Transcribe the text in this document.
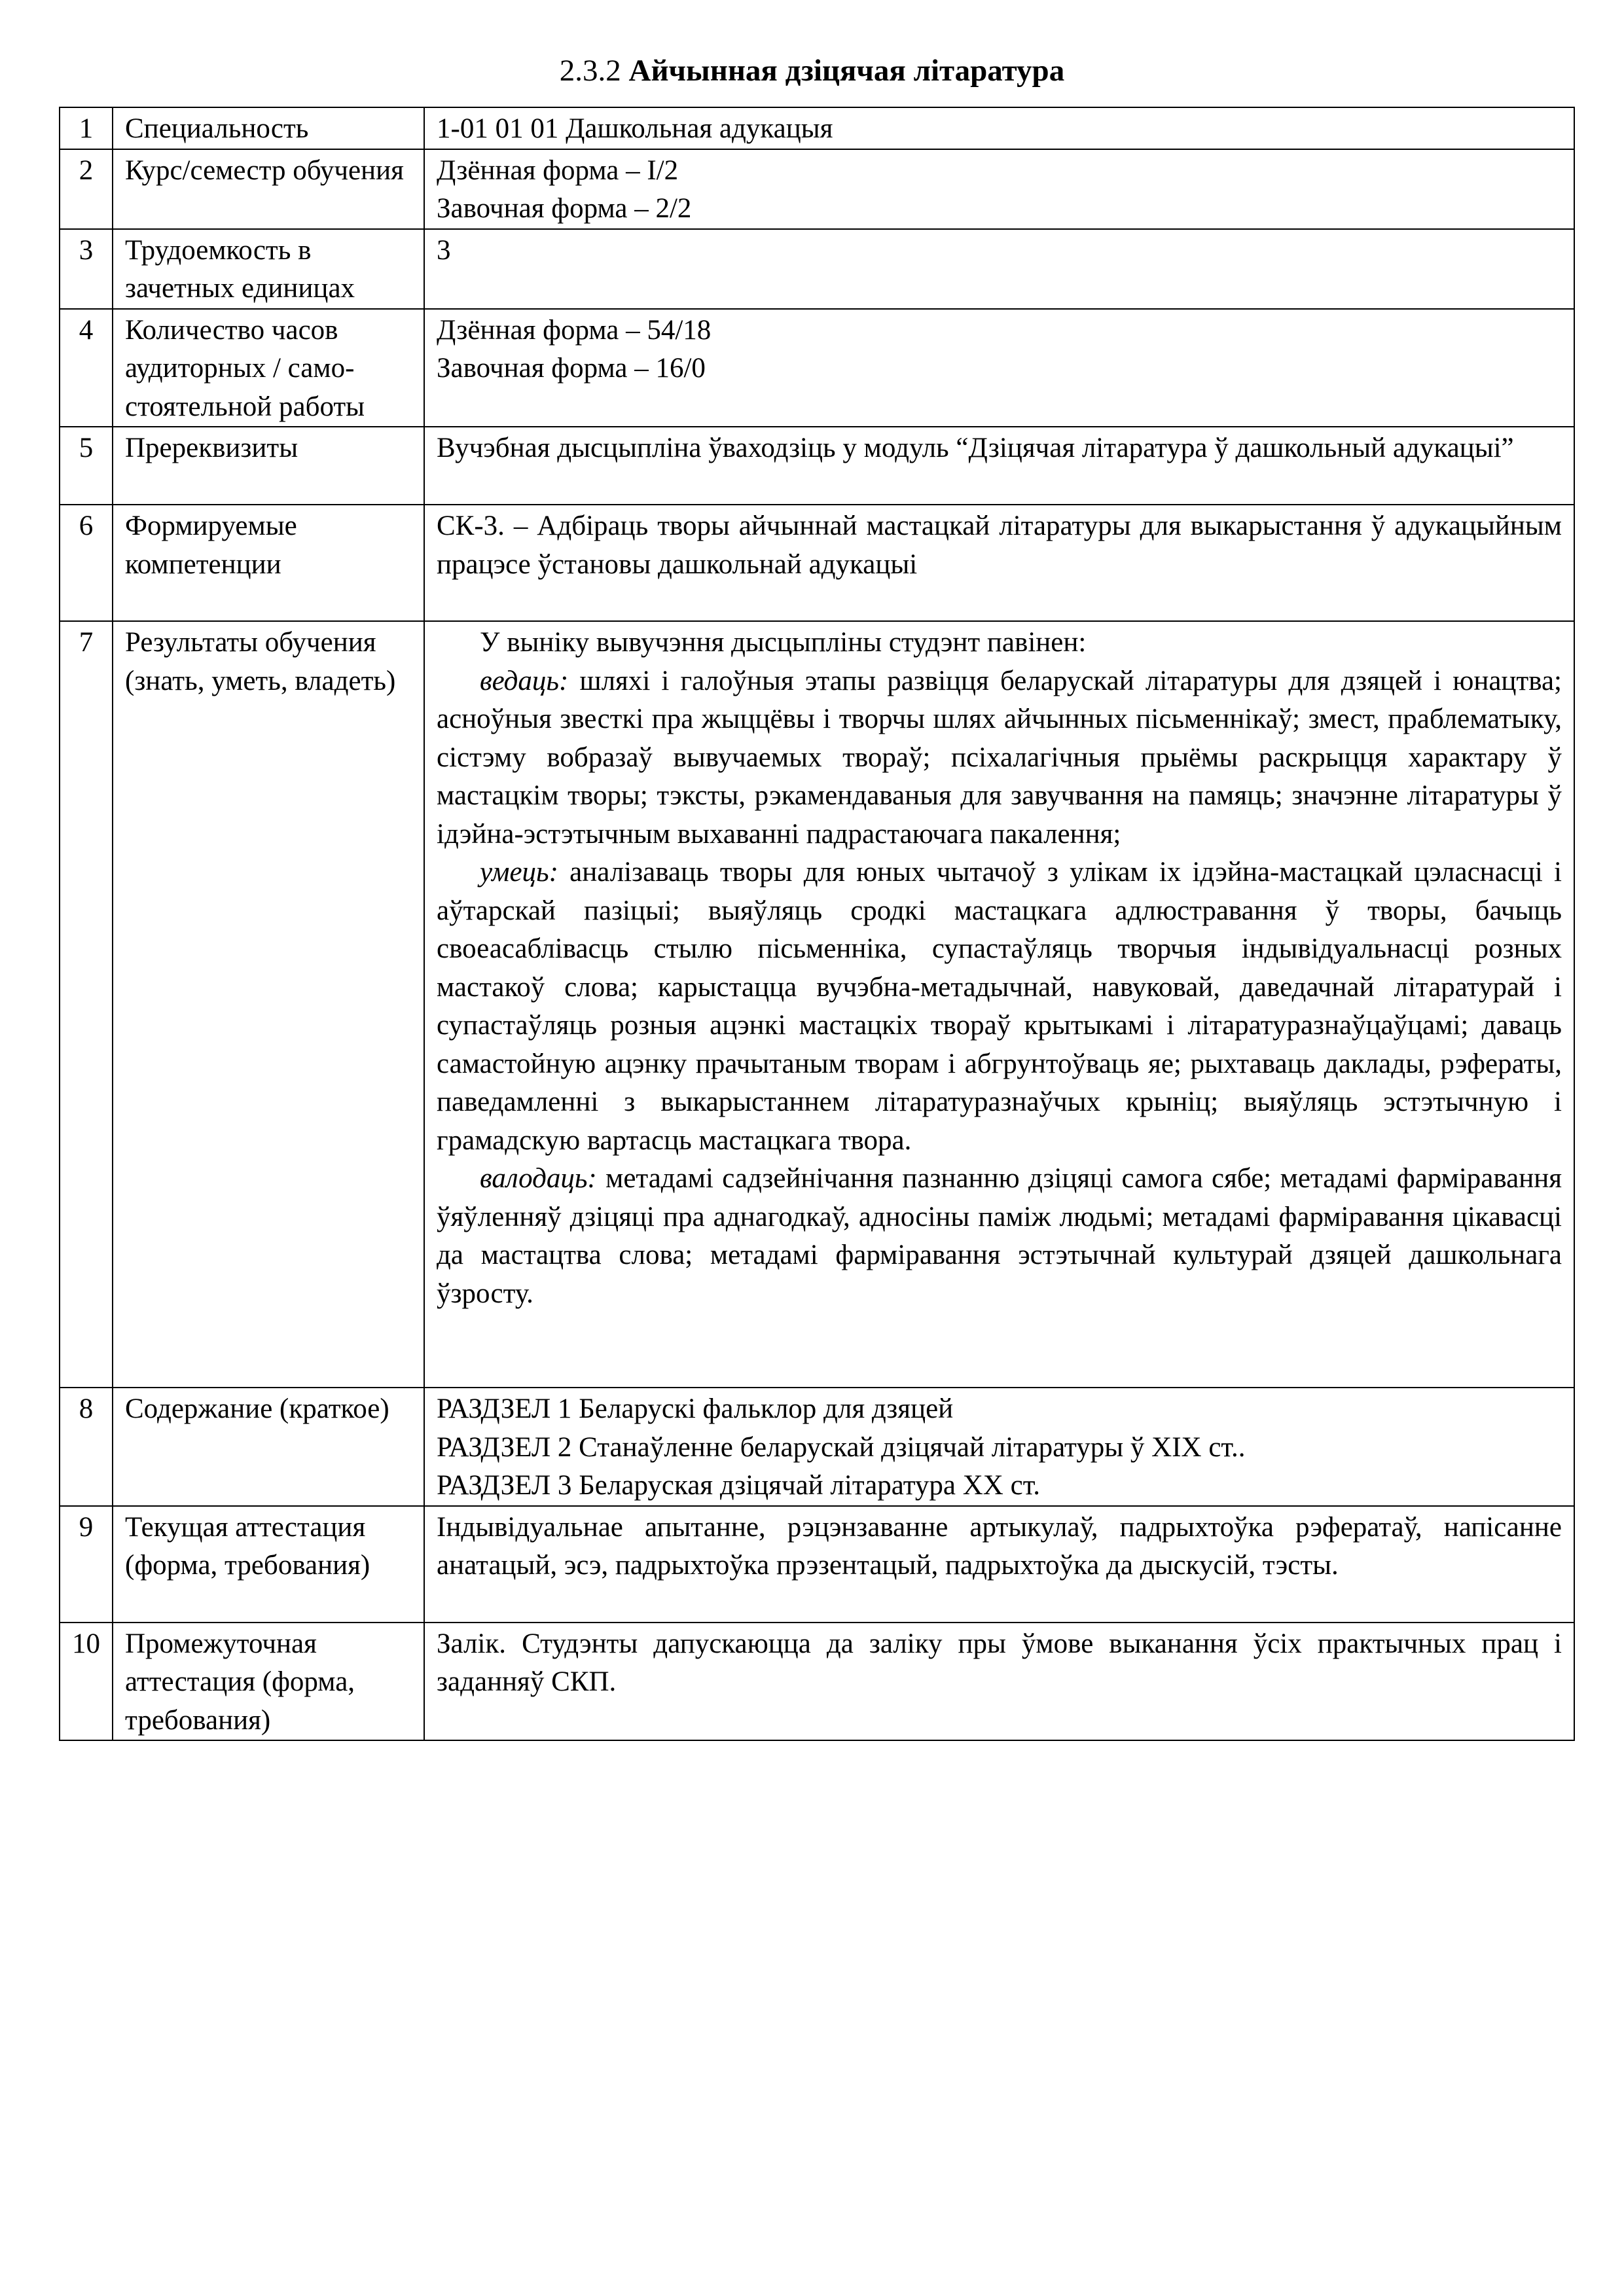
2.3.2 Айчынная дзіцячая літаратура
1	Специальность	1-01 01 01 Дашкольная адукацыя

2	Курс/семестр обучения	Дзённая форма – I/2
Завочная форма – 2/2

3	Трудоемкость в зачетных единицах	3

4	Количество часов аудиторных / само-стоятельной работы	Дзённая форма – 54/18
Завочная форма – 16/0

5	Пререквизиты	Вучэбная дысцыпліна ўваходзіць у модуль “Дзіцячая літаратура ў дашкольный адукацыі”
6	Формируемые компетенции	СК-3. – Адбіраць творы айчыннай мастацкай літаратуры для выкарыстання ў адукацыйным працэсе ўстановы дашкольнай адукацыі
7	Результаты обучения (знать, уметь, владеть)	У выніку вывучэння дысцыпліны студэнт павінен:
ведаць: шляхі і галоўныя этапы развіцця беларускай літаратуры для дзяцей і юнацтва; асноўныя звесткі пра жыццёвы і творчы шлях айчынных пісьменнікаў; змест, праблематыку, сістэму вобразаў вывучаемых твораў; псіхалагічныя прыёмы раскрыцця характару ў мастацкім творы; тэксты, рэкамендаваныя для завучвання на памяць; значэнне літаратуры ў ідэйна-эстэтычным выхаванні падрастаючага пакалення;
умець: аналізаваць творы для юных чытачоў з улікам іх ідэйна-мастацкай цэласнасці і аўтарскай пазіцыі; выяўляць сродкі мастацкага адлюстравання ў творы, бачыць своеасаблівасць стылю пісьменніка, супастаўляць творчыя індывідуальнасці розных мастакоў слова; карыстацца вучэбна-метадычнай, навуковай, даведачнай літаратурай і супастаўляць розныя ацэнкі мастацкіх твораў крытыкамі і літаратуразнаўцаўцамі; даваць самастойную ацэнку прачытаным творам і абгрунтоўваць яе; рыхтаваць даклады, рэфераты, паведамленні з выкарыстаннем літаратуразнаўчых крыніц; выяўляць эстэтычную і грамадскую вартасць мастацкага твора.
валодаць: метадамі садзейнічання пазнанню дзіцяці самога сябе; метадамі фарміравання ўяўленняў дзіцяці пра аднагодкаў, адносіны паміж людьмі; метадамі фарміравання цікавасці да мастацтва слова; метадамі фарміравання эстэтычнай культурай дзяцей дашкольнага ўзросту.

8	Содержание (краткое)	РАЗДЗЕЛ 1 Беларускі фальклор для дзяцей
РАЗДЗЕЛ 2 Станаўленне беларускай дзіцячай літаратуры ў XIX ст..
РАЗДЗЕЛ 3 Беларуская дзіцячай літаратура XX ст.

9	Текущая аттестация (форма, требования)	Індывідуальнае апытанне, рэцэнзаванне артыкулаў, падрыхтоўка рэфератаў, напісанне анатацый, эсэ, падрыхтоўка прэзентацый, падрыхтоўка да дыскусій, тэсты.
10	Промежуточная аттестация (форма, требования)	Залік. Студэнты дапускаюцца да заліку пры ўмове выканання ўсіх практычных прац і заданняў СКП.
